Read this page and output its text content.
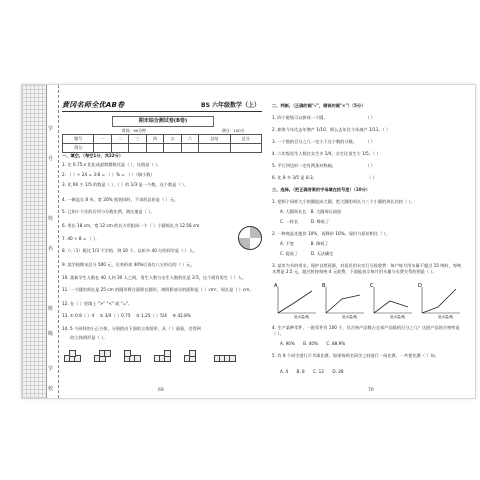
学
号
姓
名
班
级
学
校
黄冈名师全优AB卷	BS 六年级数学（上）
期末综合测试卷(B卷)
时间：90分钟	满分：100分
题号	一	二	三	四	五	六	总结	总分
得分								
一、填空。（每空1分，共22分）
1. 在 0.75:x 比化成最简整数比是（ ），比值是（ ）。
2. （ ）÷ 24 = 3:8 = （ ）% = （ ）（填小数）
3. 比 60 少 1/5 的数是（ ），（ ）的 1/3 是一个数，这个数是（ ）。
4. 一辆盒长 8 米，宽 20% 瓶装同时，不求的总价是（ ）元。
5. 已知十个比的后项与分数比例，则比值是（ ）。
6. 用长 18 cm，宽 12 cm 的长方形组成一个（ ）个圆周长为 12.56 cm
7. 40 ÷ 8 = （ ）。
8. 六（1）班比 1/3 不学的，到 10 个，以折多 40 分的同学是（ ）人。
9. 某学校期末总分 500 元，后来折扣 40%后再打八五折后的（ ）元。
10. 某新学生人数在 40 人到 30 人之间，男生人数与女生人数的比是 3:5，这个班有男生（ ）人。
11. 一个圆的周长是 25 cm 的圆形将合面积在圆形，则阴影部分的面积是（ ）cm²，周长是（ ）cm。
12. 在（ ）里填上 ">" "<" 或 "="。
13. ① 0.8（ ）4 　② 3/4（ ）0.75 　③ 1.25（ ）5/4 　④ 42.8%
14. 5 个同样的小正方体，分别搭出下面的立体图形，从（ ）面看，会得到
　　的立体图形是（ ）。
69
二、判断。（正确的画"√"，错误的画"×"）（5分）
1. 四个班级可以拼成一个圆。　　　　　　　　　　（ ）
2. 如果今年比去年增产 1/10，那么去年比今年减产 1/11。（ ）
3. 一个数的百分之几一定小于这个数的分数。　　　（ ）
4. 六年级男生人数比女生多 1/4，女生比男生少 1/5。（ ）
5. 平行四边形一定有两条对称轴。　　　　　　　　（ ）
6. 比 8 多 3/5 是 8.3。　　　　　　　　　　　　　（ ）
三、选择。（把正确答案的字母填在括号里）（10分）
1. 把两个同样大小的圆组成大圆，把大圆的周长与三个小圆的周长比较（ ）。
A. 大圆周长长　B. 大圆周长较短
C. 一样长　　　D. 降低了
2. 一种商品先提价 10%，再降价 10%，现价与原价相比（ ）。
A. 不变　　　　B. 降低了
C. 提高了　　　D. 无法确定
3. 某市为节约用水，保护自然资源，对居民用水实行分段收费：每户每月用水量不超过 15 吨时，每吨水费是 2.5 元，超过时按每吨 4 元收费，下面能表示每月用水量与水费关系的图是（ ）。
A	B	C	D
用水量/吨	用水量/吨	用水量/吨	用水量/吨
4. 生产某种零件，一批零件有 100 个，比合格产品数占全部产品数的百分之几？这批产品的合格率是（ ）。
A. 90%　　B. 40%　　C. 88.9%
5. 有 8 个同学进行乒乓球比赛，如果每两名同学之间进行一场比赛，一共要比赛（ ）场。
A. 4　　B. 8　　C. 12　　D. 28
70
